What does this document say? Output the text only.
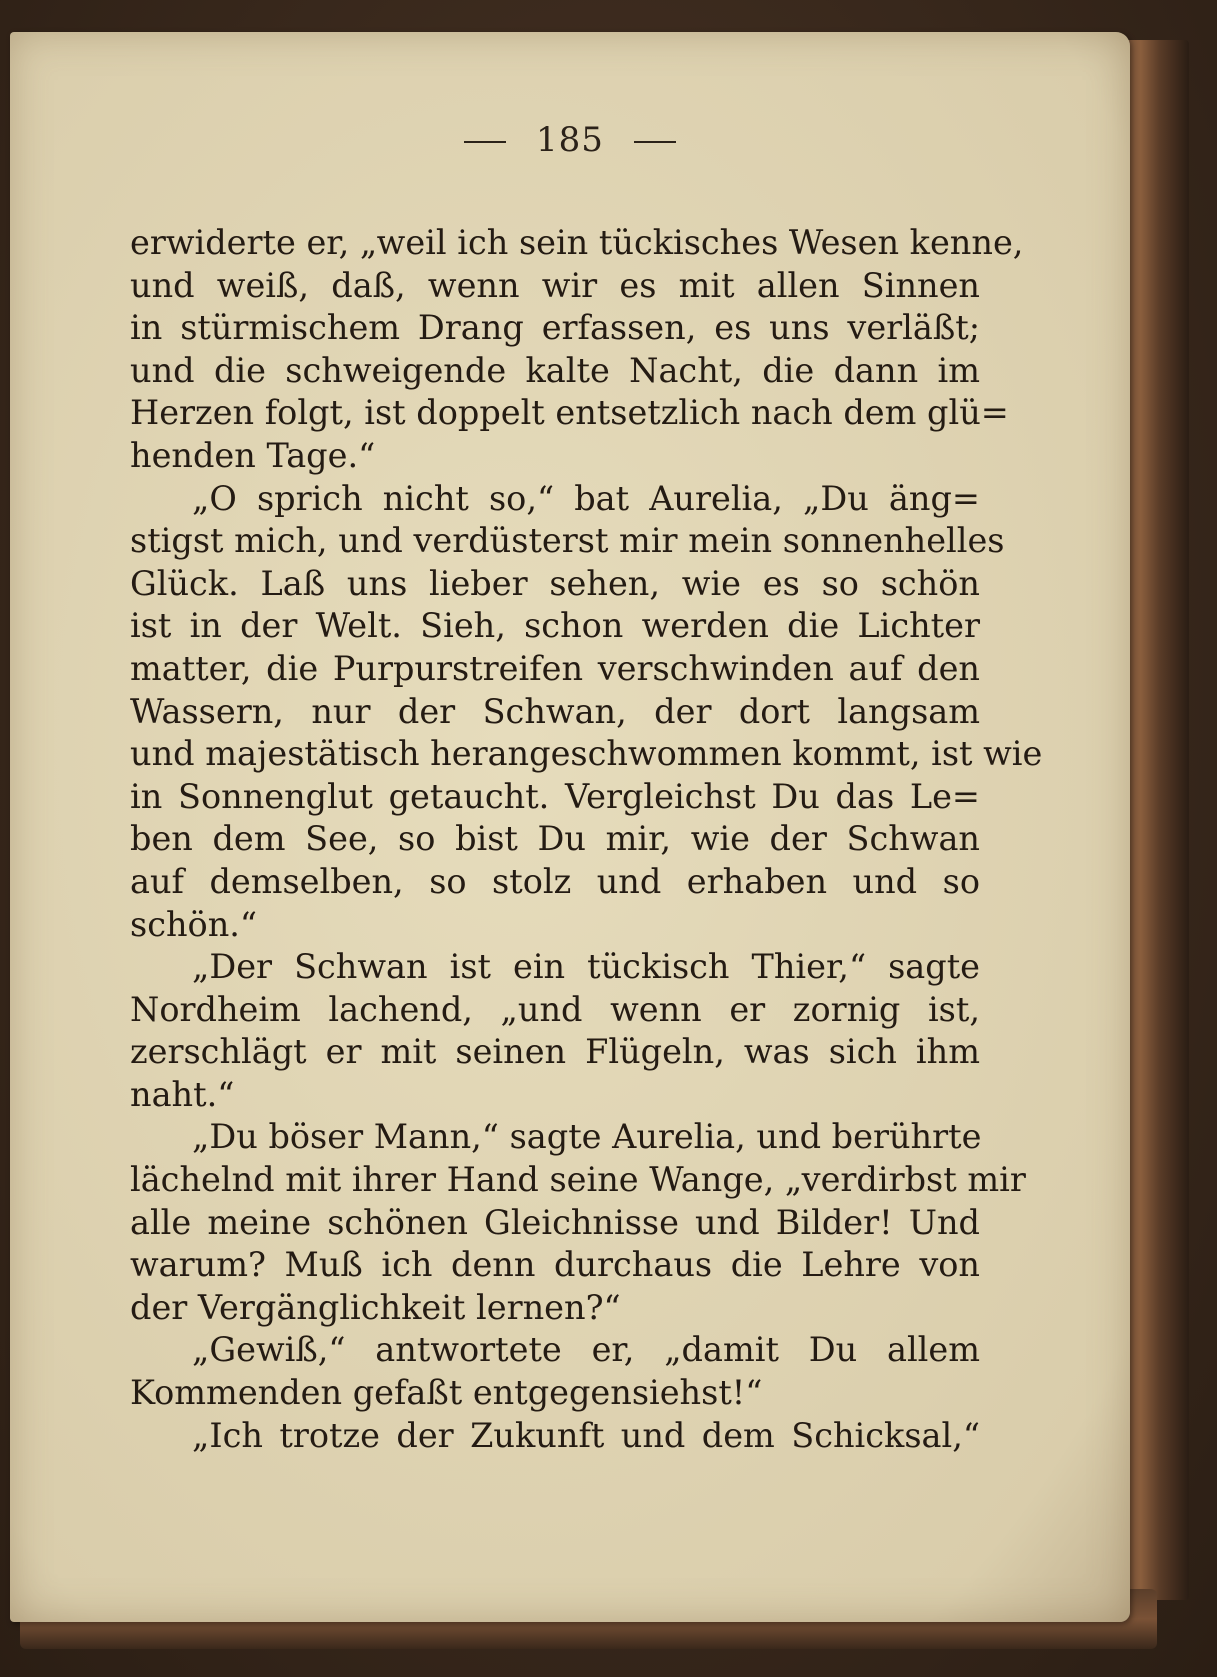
185
erwiderte er, „weil ich sein tückisches Wesen kenne,
und weiß, daß, wenn wir es mit allen Sinnen
in stürmischem Drang erfassen, es uns verläßt;
und die schweigende kalte Nacht, die dann im
Herzen folgt, ist doppelt entsetzlich nach dem glü=
henden Tage.“
„O sprich nicht so,“ bat Aurelia, „Du äng=
stigst mich, und verdüsterst mir mein sonnenhelles
Glück. Laß uns lieber sehen, wie es so schön
ist in der Welt. Sieh, schon werden die Lichter
matter, die Purpurstreifen verschwinden auf den
Wassern, nur der Schwan, der dort langsam
und majestätisch herangeschwommen kommt, ist wie
in Sonnenglut getaucht. Vergleichst Du das Le=
ben dem See, so bist Du mir, wie der Schwan
auf demselben, so stolz und erhaben und so
schön.“
„Der Schwan ist ein tückisch Thier,“ sagte
Nordheim lachend, „und wenn er zornig ist,
zerschlägt er mit seinen Flügeln, was sich ihm
naht.“
„Du böser Mann,“ sagte Aurelia, und berührte
lächelnd mit ihrer Hand seine Wange, „verdirbst mir
alle meine schönen Gleichnisse und Bilder! Und
warum? Muß ich denn durchaus die Lehre von
der Vergänglichkeit lernen?“
„Gewiß,“ antwortete er, „damit Du allem
Kommenden gefaßt entgegensiehst!“
„Ich trotze der Zukunft und dem Schicksal,“
